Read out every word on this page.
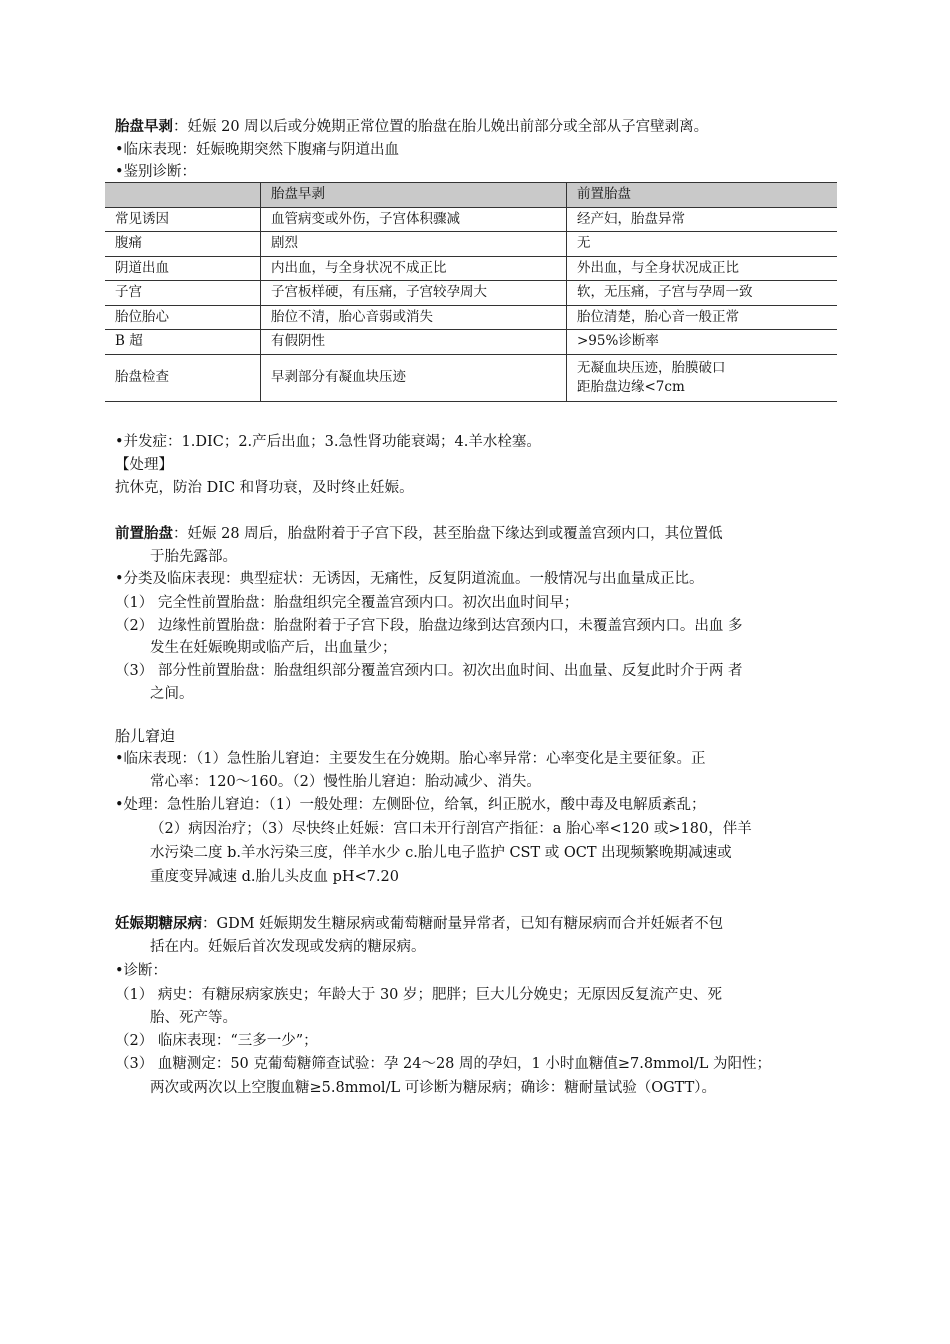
胎盘早剥：妊娠 20 周以后或分娩期正常位置的胎盘在胎儿娩出前部分或全部从子宫壁剥离。
•临床表现：妊娠晚期突然下腹痛与阴道出血
•鉴别诊断：
	胎盘早剥	前置胎盘
常见诱因	血管病变或外伤，子宫体积骤减	经产妇，胎盘异常
腹痛	剧烈	无
阴道出血	内出血，与全身状况不成正比	外出血，与全身状况成正比
子宫	子宫板样硬，有压痛，子宫较孕周大	软，无压痛，子宫与孕周一致
胎位胎心	胎位不清，胎心音弱或消失	胎位清楚，胎心音一般正常
B 超	有假阴性	>95%诊断率
胎盘检查	早剥部分有凝血块压迹	无凝血块压迹，胎膜破口
距胎盘边缘<7cm
•并发症：1.DIC；2.产后出血；3.急性肾功能衰竭；4.羊水栓塞。
【处理】
抗休克，防治 DIC 和肾功衰，及时终止妊娠。
前置胎盘：妊娠 28 周后，胎盘附着于子宫下段，甚至胎盘下缘达到或覆盖宫颈内口，其位置低
于胎先露部。
•分类及临床表现：典型症状：无诱因，无痛性，反复阴道流血。一般情况与出血量成正比。
（1） 完全性前置胎盘：胎盘组织完全覆盖宫颈内口。初次出血时间早；
（2） 边缘性前置胎盘：胎盘附着于子宫下段，胎盘边缘到达宫颈内口，未覆盖宫颈内口。出血 多
发生在妊娠晚期或临产后，出血量少；
（3） 部分性前置胎盘：胎盘组织部分覆盖宫颈内口。初次出血时间、出血量、反复此时介于两 者
之间。
胎儿窘迫
•临床表现：（1）急性胎儿窘迫：主要发生在分娩期。胎心率异常：心率变化是主要征象。正
常心率：120～160。（2）慢性胎儿窘迫：胎动减少、消失。
•处理：急性胎儿窘迫：（1）一般处理：左侧卧位，给氧，纠正脱水，酸中毒及电解质紊乱；
（2）病因治疗；（3）尽快终止妊娠：宫口未开行剖宫产指征：a 胎心率<120 或>180，伴羊
水污染二度 b.羊水污染三度，伴羊水少 c.胎儿电子监护 CST 或 OCT 出现频繁晚期减速或
重度变异减速 d.胎儿头皮血 pH<7.20
妊娠期糖尿病：GDM 妊娠期发生糖尿病或葡萄糖耐量异常者，已知有糖尿病而合并妊娠者不包
括在内。妊娠后首次发现或发病的糖尿病。
•诊断：
（1） 病史：有糖尿病家族史；年龄大于 30 岁；肥胖；巨大儿分娩史；无原因反复流产史、死
胎、死产等。
（2） 临床表现：“三多一少”；
（3） 血糖测定：50 克葡萄糖筛查试验：孕 24～28 周的孕妇，1 小时血糖值≥7.8mmol/L 为阳性；
两次或两次以上空腹血糖≥5.8mmol/L 可诊断为糖尿病；确诊：糖耐量试验（OGTT）。
